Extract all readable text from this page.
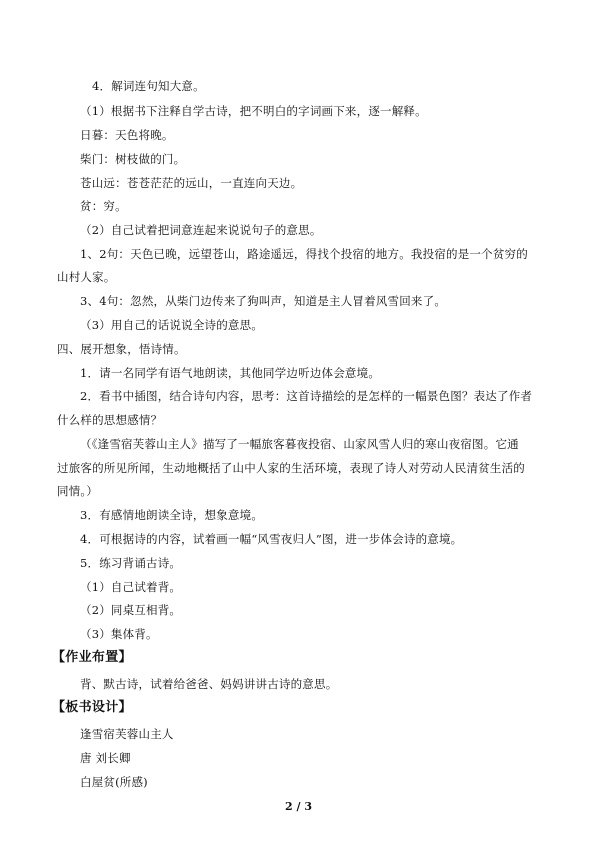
4．解词连句知大意。
（1）根据书下注释自学古诗，把不明白的字词画下来，逐一解释。
日暮：天色将晚。
柴门：树枝做的门。
苍山远：苍苍茫茫的远山，一直连向天边。
贫：穷。
（2）自己试着把词意连起来说说句子的意思。
1、2句：天色已晚，远望苍山，路途遥远，得找个投宿的地方。我投宿的是一个贫穷的
山村人家。
3、4句：忽然，从柴门边传来了狗叫声，知道是主人冒着风雪回来了。
（3）用自己的话说说全诗的意思。
四、展开想象，悟诗情。
1．请一名同学有语气地朗读，其他同学边听边体会意境。
2．看书中插图，结合诗句内容，思考：这首诗描绘的是怎样的一幅景色图？表达了作者
什么样的思想感情？
（《逢雪宿芙蓉山主人》描写了一幅旅客暮夜投宿、山家风雪人归的寒山夜宿图。它通
过旅客的所见所闻，生动地概括了山中人家的生活环境，表现了诗人对劳动人民清贫生活的
同情。）
3．有感情地朗读全诗，想象意境。
4．可根据诗的内容，试着画一幅“风雪夜归人”图，进一步体会诗的意境。
5．练习背诵古诗。
（1）自己试着背。
（2）同桌互相背。
（3）集体背。
【作业布置】
背、默古诗，试着给爸爸、妈妈讲讲古诗的意思。
【板书设计】
逢雪宿芙蓉山主人
唐 刘长卿
白屋贫(所感)
2 / 3
